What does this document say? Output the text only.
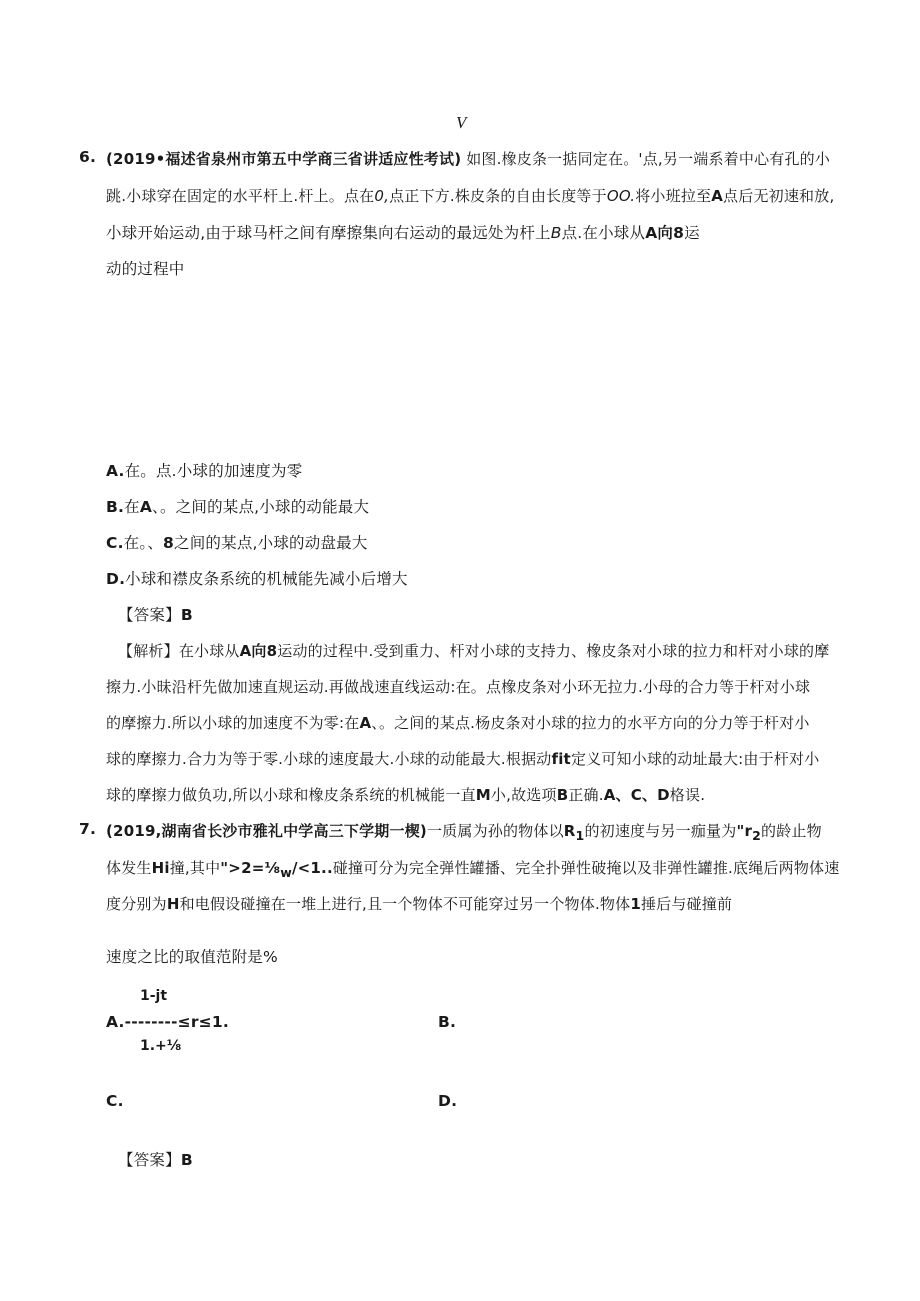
V
6. (2019•福述省泉州市第五中学商三省讲适应性考试) 如图.橡皮条一掂同定在。'点,另一端系着中心有孔的小
跳.小球穿在固定的水平杆上.杆上。点在0,点正下方.株皮条的自由长度等于OO.将小班拉至A点后无初速和放,
小球开始运动,由于球马杆之间有摩擦集向右运动的最远处为杆上B点.在小球从A向8运
动的过程中
A.在。点.小球的加速度为零
B.在A、。之间的某点,小球的动能最大
C.在。、8之间的某点,小球的动盘最大
D.小球和襟皮条系统的机械能先减小后增大
【答案】B
【解析】在小球从A向8运动的过程中.受到重力、杆对小球的支持力、橡皮条对小球的拉力和杆对小球的摩
擦力.小昧沿杆先做加速直规运动.再做战速直线运动:在。点橡皮条对小环无拉力.小母的合力等于杆对小球
的摩擦力.所以小球的加速度不为零:在A、。之间的某点.杨皮条对小球的拉力的水平方向的分力等于杆对小
球的摩擦力.合力为等于零.小球的速度最大.小球的动能最大.根据动fit定义可知小球的动址最大:由于杆对小
球的摩擦力做负功,所以小球和橡皮条系统的机械能一直M小,故选项B正确.A、C、D格误.
7. (2019,湖南省长沙市雅礼中学高三下学期一楔)一质属为孙的物体以$R_1$的初速度与另一痂量为"$r_2$的龄止物
体发生Hi撞,其中"$>2=\frac{1}{8}_w/<1$..碰撞可分为完全弹性罐播、完全扑弹性破掩以及非弹性罐推.底绳后两物体速
度分别为H和电假设碰撞在一堆上进行,且一个物体不可能穿过另一个物体.物体1捶后与碰撞前
速度之比的取值范附是%
1-jt
A.--------≤r≤1.
1.+⅛
B.
C.	D.
【答案】B
